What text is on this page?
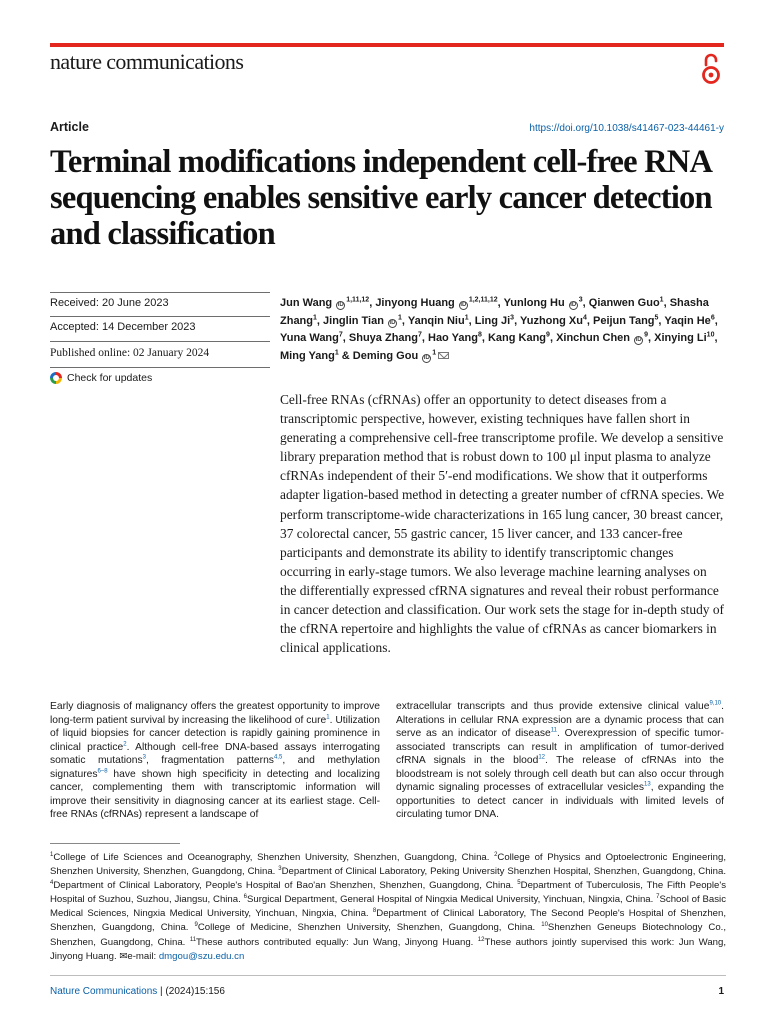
nature communications
Article	https://doi.org/10.1038/s41467-023-44461-y
Terminal modifications independent cell-free RNA sequencing enables sensitive early cancer detection and classification
Received: 20 June 2023
Accepted: 14 December 2023
Published online: 02 January 2024
Check for updates
Jun Wang iD$^{1,11,12}$, Jinyong Huang iD$^{1,2,11,12}$, Yunlong Hu $iD^3$, Qianwen Guo$^1$, Shasha Zhang$^1$, Jinglin Tian $iD^1$, Yanqin Niu$^1$, Ling Ji$^3$, Yuzhong Xu$^4$, Peijun Tang$^5$, Yaqin He$^6$, Yuna Wang$^7$, Shuya Zhang$^7$, Hao Yang$^8$, Kang Kang$^9$, Xinchun Chen $iD^9$, Xinying Li$^{10}$, Ming Yang$^1$ & Deming Gou $iD^1$

Cell-free RNAs (cfRNAs) offer an opportunity to detect diseases from a transcriptomic perspective, however, existing techniques have fallen short in generating a comprehensive cell-free transcriptome profile. We develop a sensitive library preparation method that is robust down to 100 μl input plasma to analyze cfRNAs independent of their 5′-end modifications. We show that it outperforms adapter ligation-based method in detecting a greater number of cfRNA species. We perform transcriptome-wide characterizations in 165 lung cancer, 30 breast cancer, 37 colorectal cancer, 55 gastric cancer, 15 liver cancer, and 133 cancer-free participants and demonstrate its ability to identify transcriptomic changes occurring in early-stage tumors. We also leverage machine learning analyses on the differentially expressed cfRNA signatures and reveal their robust performance in cancer detection and classification. Our work sets the stage for in-depth study of the cfRNA repertoire and highlights the value of cfRNAs as cancer biomarkers in clinical applications.

Early diagnosis of malignancy offers the greatest opportunity to improve long-term patient survival by increasing the likelihood of cure$^1$. Utilization of liquid biopsies for cancer detection is rapidly gaining prominence in clinical practice$^2$. Although cell-free DNA-based assays interrogating somatic mutations$^3$, fragmentation patterns$^{4,5}$, and methylation signatures$^{6-8}$ have shown high specificity in detecting and localizing cancer, complementing them with transcriptomic information will improve their sensitivity in diagnosing cancer at its earliest stage. Cell-free RNAs (cfRNAs) represent a landscape of

extracellular transcripts and thus provide extensive clinical value$^{9,10}$. Alterations in cellular RNA expression are a dynamic process that can serve as an indicator of disease$^{11}$. Overexpression of specific tumor-associated transcripts can result in amplification of tumor-derived cfRNA signals in the blood$^{12}$. The release of cfRNAs into the bloodstream is not solely through cell death but can also occur through dynamic signaling processes of extracellular vesicles$^{13}$, expanding the opportunities to detect cancer in individuals with limited levels of circulating tumor DNA.

$^1$College of Life Sciences and Oceanography, Shenzhen University, Shenzhen, Guangdong, China. $^2$College of Physics and Optoelectronic Engineering, Shenzhen University, Shenzhen, Guangdong, China. $^3$Department of Clinical Laboratory, Peking University Shenzhen Hospital, Shenzhen, Guangdong, China. $^4$Department of Clinical Laboratory, People's Hospital of Bao'an Shenzhen, Shenzhen, Guangdong, China. $^5$Department of Tuberculosis, The Fifth People's Hospital of Suzhou, Suzhou, Jiangsu, China. $^6$Surgical Department, General Hospital of Ningxia Medical University, Yinchuan, Ningxia, China. $^7$School of Basic Medical Sciences, Ningxia Medical University, Yinchuan, Ningxia, China. $^8$Department of Clinical Laboratory, The Second People's Hospital of Shenzhen, Shenzhen, Guangdong, China. $^9$College of Medicine, Shenzhen University, Shenzhen, Guangdong, China. $^{10}$Shenzhen Geneups Biotechnology Co., Shenzhen, Guangdong, China. $^{11}$These authors contributed equally: Jun Wang, Jinyong Huang. $^{12}$These authors jointly supervised this work: Jun Wang, Jinyong Huang. ✉e-mail: dmgou@szu.edu.cn

Nature Communications | (2024)15:156	1
